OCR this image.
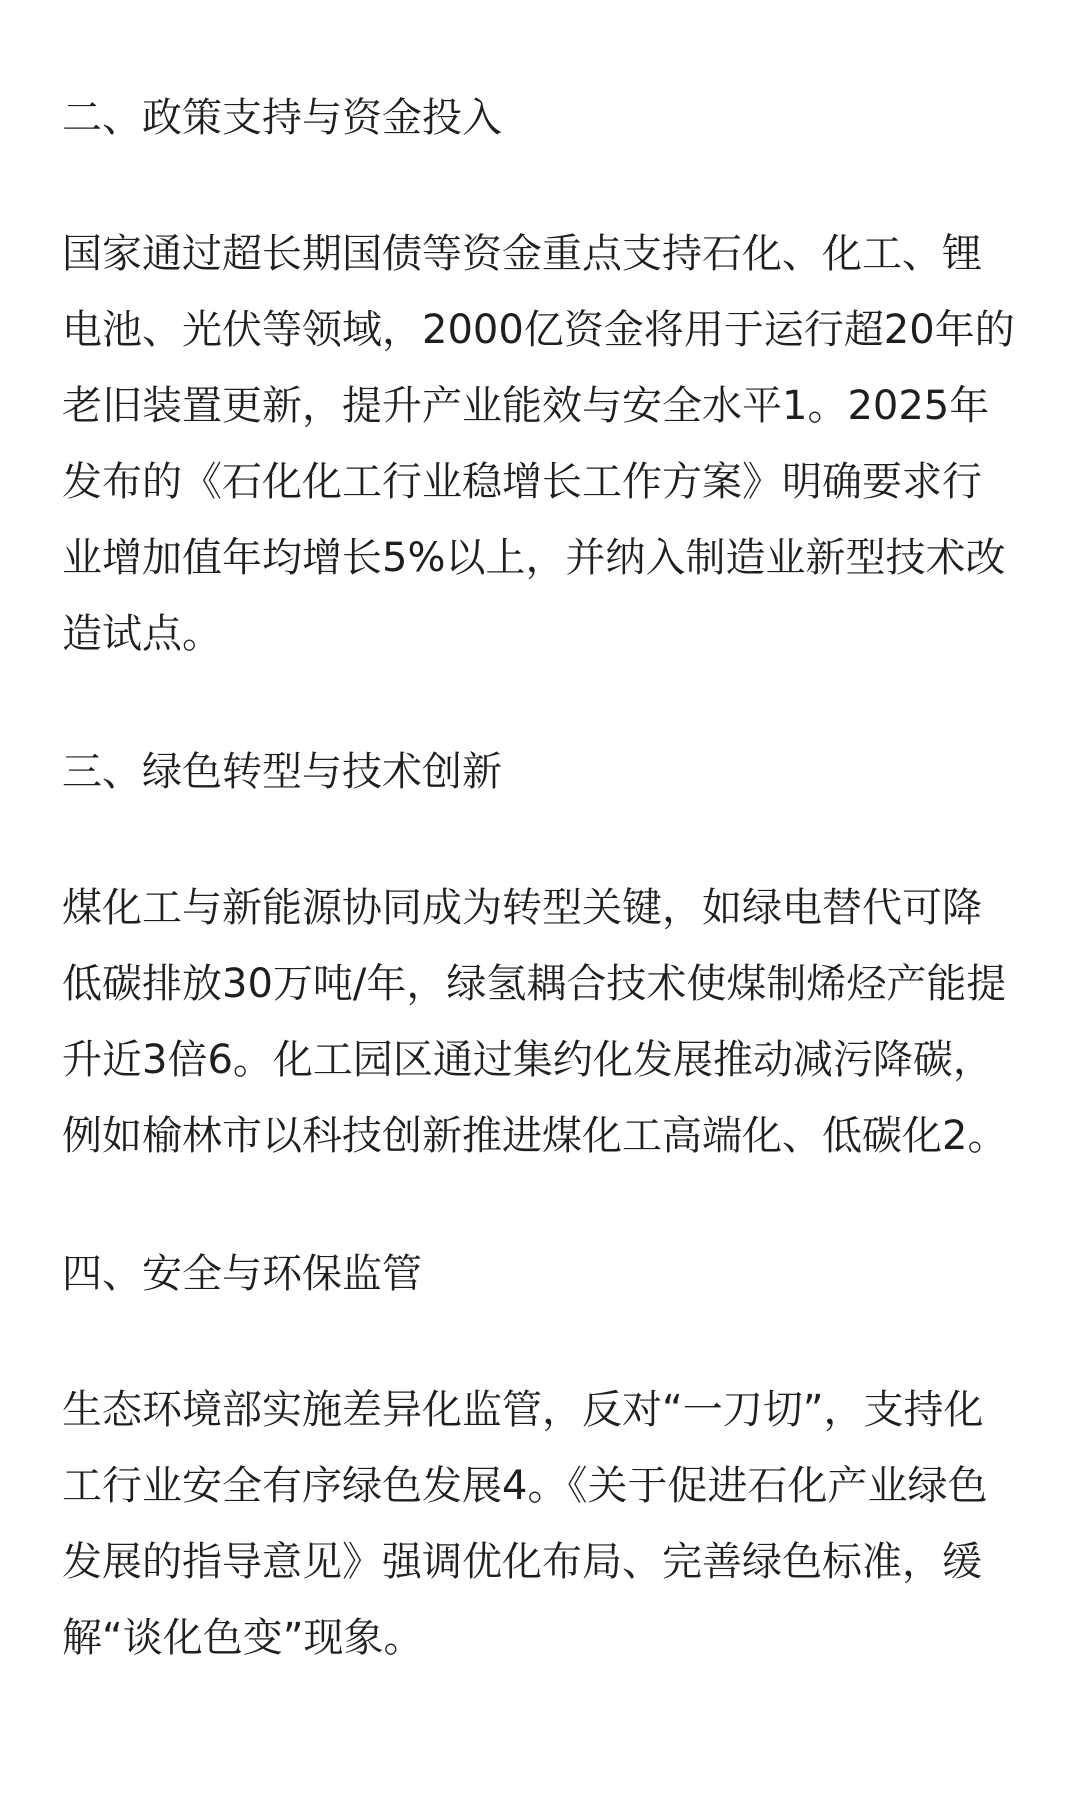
二、政策支持与资金投入

国家通过超长期国债等资金重点支持石化、化工、锂电池、光伏等领域，2000亿资金将用于运行超20年的老旧装置更新，提升产业能效与安全水平1。2025年发布的《石化化工行业稳增长工作方案》明确要求行业增加值年均增长5%以上，并纳入制造业新型技术改造试点。

三、绿色转型与技术创新

煤化工与新能源协同成为转型关键，如绿电替代可降低碳排放30万吨/年，绿氢耦合技术使煤制烯烃产能提升近3倍6。化工园区通过集约化发展推动减污降碳，例如榆林市以科技创新推进煤化工高端化、低碳化2。

四、安全与环保监管

生态环境部实施差异化监管，反对“一刀切”，支持化工行业安全有序绿色发展4。《关于促进石化产业绿色发展的指导意见》强调优化布局、完善绿色标准，缓解“谈化色变”现象。
